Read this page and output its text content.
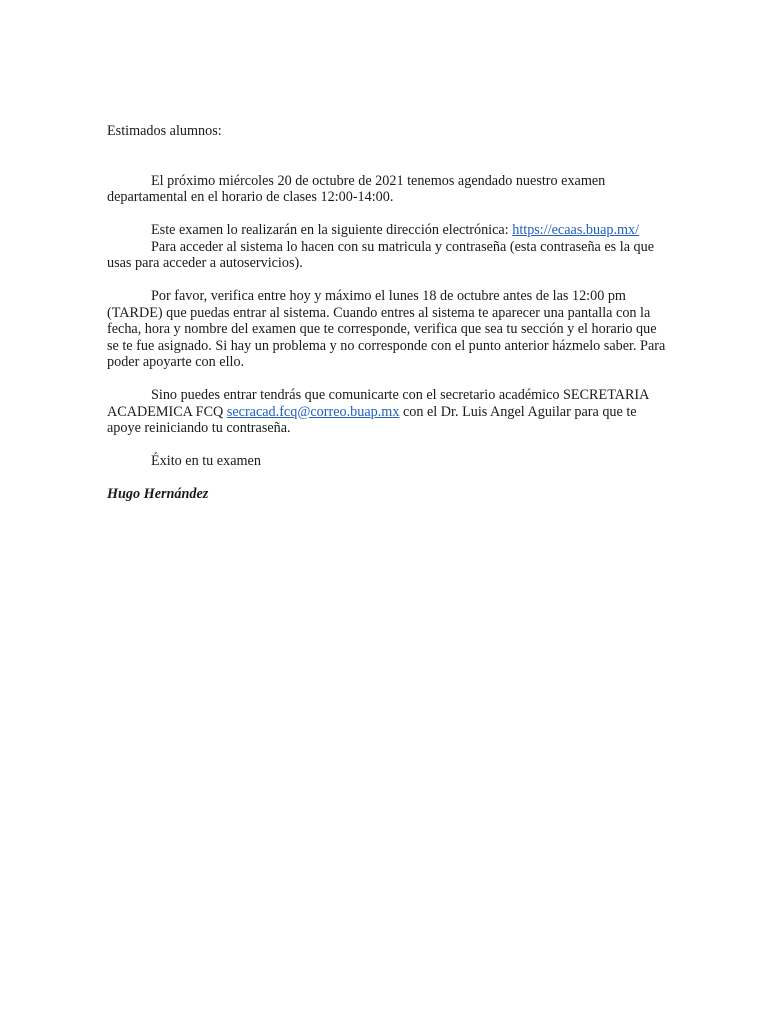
Estimados alumnos:

El próximo miércoles 20 de octubre de 2021 tenemos agendado nuestro examen departamental en el horario de clases 12:00-14:00.

Este examen lo realizarán en la siguiente dirección electrónica: https://ecaas.buap.mx/

Para acceder al sistema lo hacen con su matricula y contraseña (esta contraseña es la que usas para acceder a autoservicios).

Por favor, verifica entre hoy y máximo el lunes 18 de octubre antes de las 12:00 pm (TARDE) que puedas entrar al sistema. Cuando entres al sistema te aparecer una pantalla con la fecha, hora y nombre del examen que te corresponde, verifica que sea tu sección y el horario que se te fue asignado. Si hay un problema y no corresponde con el punto anterior házmelo saber. Para poder apoyarte con ello.

Sino puedes entrar tendrás que comunicarte con el secretario académico SECRETARIA ACADEMICA FCQ secracad.fcq@correo.buap.mx con el Dr. Luis Angel Aguilar para que te apoye reiniciando tu contraseña.

Éxito en tu examen

Hugo Hernández
